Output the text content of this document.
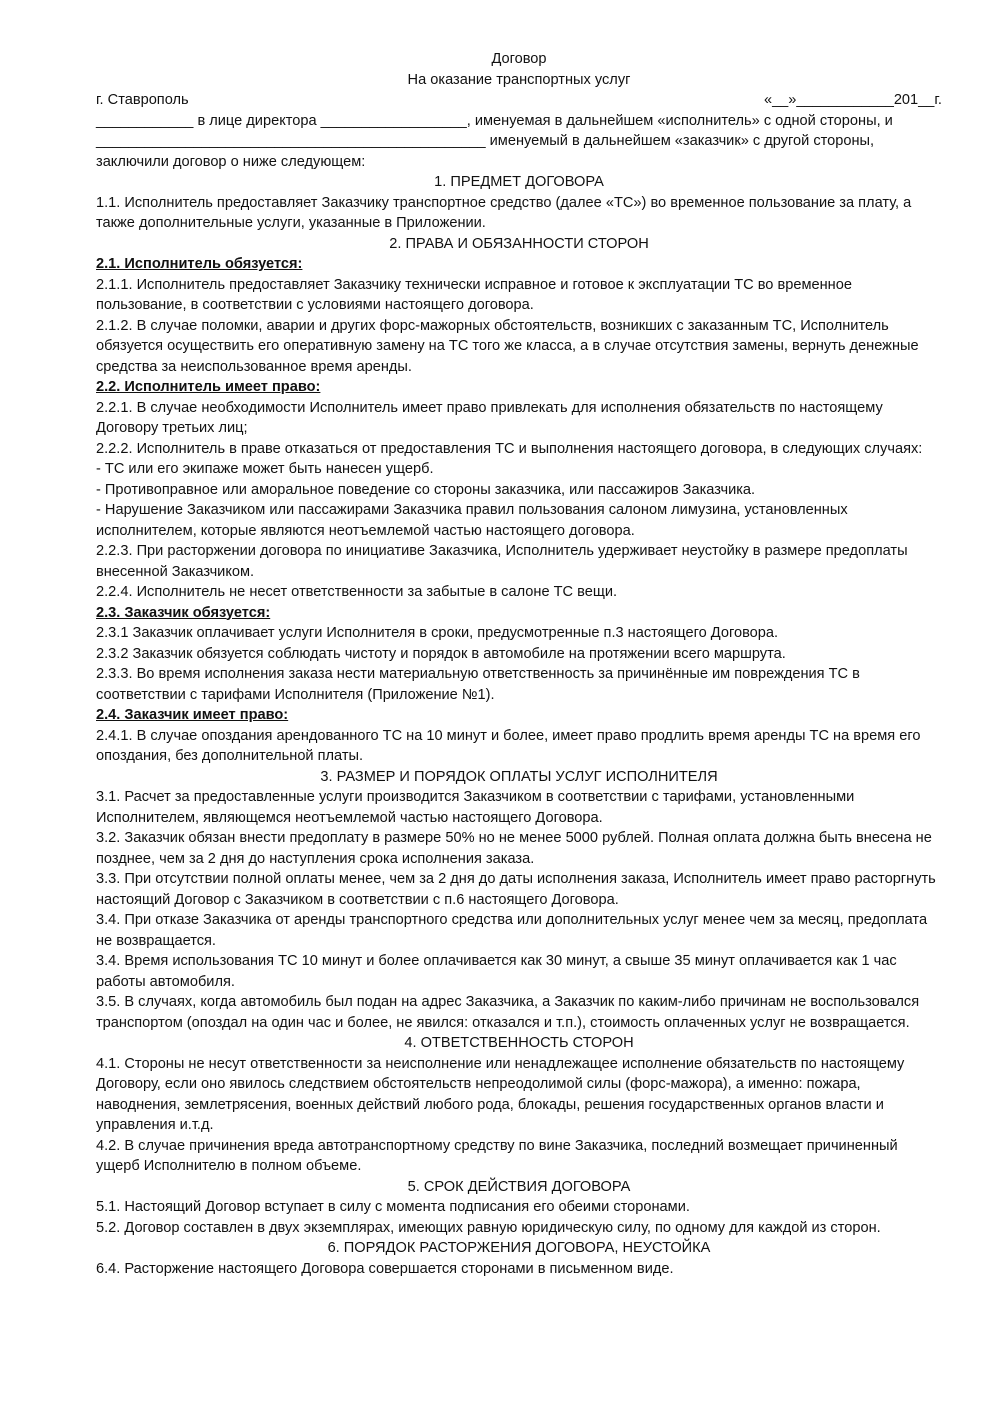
Договор

На оказание транспортных услуг

г. Ставрополь	«__»____________201__г.

____________ в лице директора __________________, именуемая в дальнейшем «исполнитель» с одной стороны, и

________________________________________________ именуемый в дальнейшем «заказчик» с другой стороны,

заключили договор о ниже следующем:

1. ПРЕДМЕТ ДОГОВОРА

1.1. Исполнитель предоставляет Заказчику транспортное средство (далее «ТС») во временное пользование за плату, а также дополнительные услуги, указанные в Приложении.

2. ПРАВА И ОБЯЗАННОСТИ СТОРОН

2.1. Исполнитель обязуется:

2.1.1. Исполнитель предоставляет Заказчику технически исправное и готовое к эксплуатации ТС во временное пользование, в соответствии с условиями настоящего договора.

2.1.2. В случае поломки, аварии и других форс-мажорных обстоятельств, возникших с заказанным ТС, Исполнитель обязуется осуществить его оперативную замену на ТС того же класса, а в случае отсутствия замены, вернуть денежные средства за неиспользованное время аренды.

2.2. Исполнитель имеет право:

2.2.1. В случае необходимости Исполнитель имеет право привлекать для исполнения обязательств по настоящему Договору третьих лиц;

2.2.2. Исполнитель в праве отказаться от предоставления ТС и выполнения настоящего договора, в следующих случаях:

- ТС или его экипаже может быть нанесен ущерб.

- Противоправное или аморальное поведение со стороны заказчика, или пассажиров Заказчика.

- Нарушение Заказчиком или пассажирами Заказчика правил пользования салоном лимузина, установленных исполнителем, которые являются неотъемлемой частью настоящего договора.

2.2.3. При расторжении договора по инициативе Заказчика, Исполнитель удерживает неустойку в размере предоплаты внесенной Заказчиком.

2.2.4. Исполнитель не несет ответственности за забытые в салоне ТС вещи.

2.3. Заказчик обязуется:

2.3.1 Заказчик оплачивает услуги Исполнителя в сроки, предусмотренные п.3 настоящего Договора.

2.3.2 Заказчик обязуется соблюдать чистоту и порядок в автомобиле на протяжении всего маршрута.

2.3.3. Во время исполнения заказа нести материальную ответственность за причинённые им повреждения ТС в соответствии с тарифами Исполнителя (Приложение №1).

2.4. Заказчик имеет право:

2.4.1. В случае опоздания арендованного ТС на 10 минут и более, имеет право продлить время аренды ТС на время его опоздания, без дополнительной платы.

3. РАЗМЕР И ПОРЯДОК ОПЛАТЫ УСЛУГ ИСПОЛНИТЕЛЯ

3.1. Расчет за предоставленные услуги производится Заказчиком в соответствии с тарифами, установленными Исполнителем, являющемся неотъемлемой частью настоящего Договора.

3.2. Заказчик обязан внести предоплату в размере 50% но не менее 5000 рублей. Полная оплата должна быть внесена не позднее, чем за 2 дня до наступления срока исполнения заказа.

3.3. При отсутствии полной оплаты менее, чем за 2 дня до даты исполнения заказа, Исполнитель имеет право расторгнуть настоящий Договор с Заказчиком в соответствии с п.6 настоящего Договора.

3.4. При отказе Заказчика от аренды транспортного средства или дополнительных услуг менее чем за месяц, предоплата не возвращается.

3.4. Время использования ТС 10 минут и более оплачивается как 30 минут, а свыше 35 минут оплачивается как 1 час работы автомобиля.

3.5. В случаях, когда автомобиль был подан на адрес Заказчика, а Заказчик по каким-либо причинам не воспользовался транспортом (опоздал на один час и более, не явился: отказался и т.п.), стоимость оплаченных услуг не возвращается.

4. ОТВЕТСТВЕННОСТЬ СТОРОН

4.1. Стороны не несут ответственности за неисполнение или ненадлежащее исполнение обязательств по настоящему Договору, если оно явилось следствием обстоятельств непреодолимой силы (форс-мажора), а именно: пожара, наводнения, землетрясения, военных действий любого рода, блокады, решения государственных органов власти и управления и.т.д.

4.2. В случае причинения вреда автотранспортному средству по вине Заказчика, последний возмещает причиненный ущерб Исполнителю в полном объеме.

5. СРОК ДЕЙСТВИЯ ДОГОВОРА

5.1. Настоящий Договор вступает в силу с момента подписания его обеими сторонами.

5.2. Договор составлен в двух экземплярах, имеющих равную юридическую силу, по одному для каждой из сторон.

6. ПОРЯДОК РАСТОРЖЕНИЯ ДОГОВОРА, НЕУСТОЙКА

6.4. Расторжение настоящего Договора совершается сторонами в письменном виде.
